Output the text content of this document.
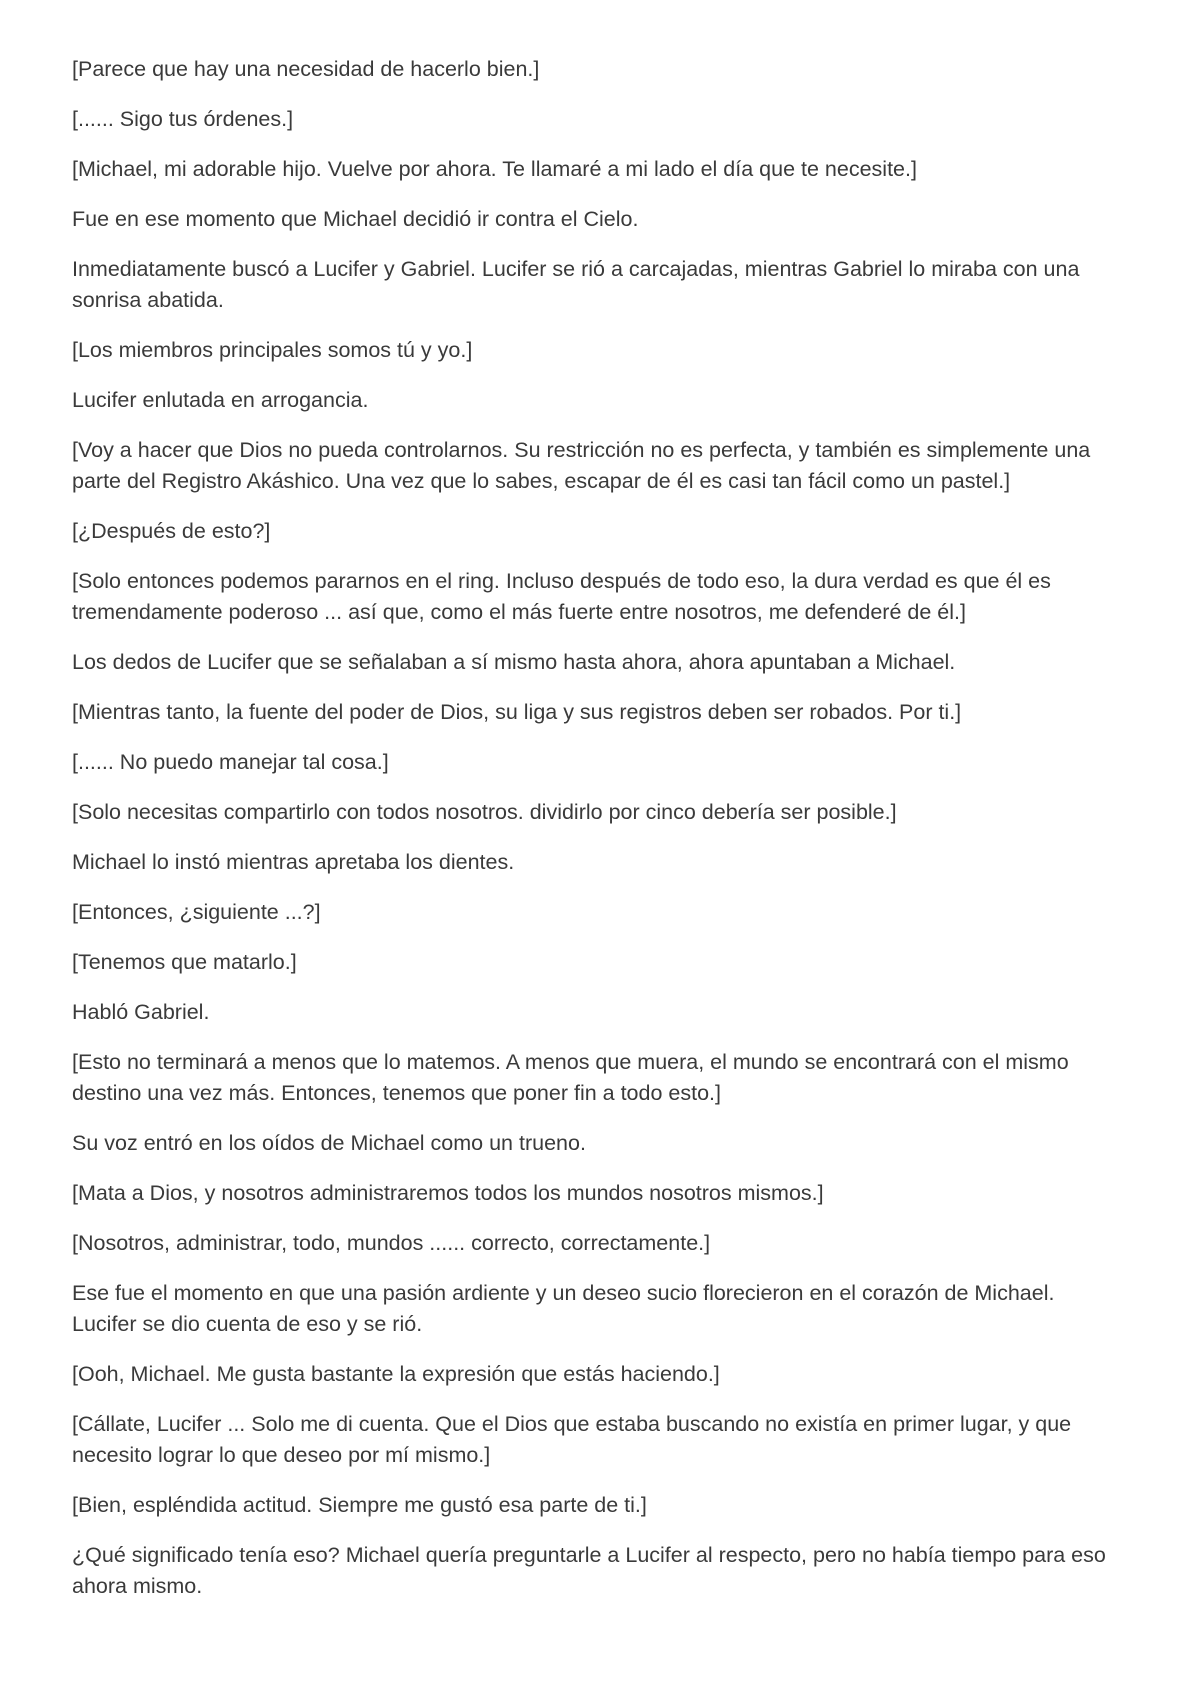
[Parece que hay una necesidad de hacerlo bien.]

[...... Sigo tus órdenes.]

[Michael, mi adorable hijo. Vuelve por ahora. Te llamaré a mi lado el día que te necesite.]

Fue en ese momento que Michael decidió ir contra el Cielo.

Inmediatamente buscó a Lucifer y Gabriel. Lucifer se rió a carcajadas, mientras Gabriel lo miraba con una sonrisa abatida.

[Los miembros principales somos tú y yo.]

Lucifer enlutada en arrogancia.

[Voy a hacer que Dios no pueda controlarnos. Su restricción no es perfecta, y también es simplemente una parte del Registro Akáshico. Una vez que lo sabes, escapar de él es casi tan fácil como un pastel.]

[¿Después de esto?]

[Solo entonces podemos pararnos en el ring. Incluso después de todo eso, la dura verdad es que él es tremendamente poderoso ... así que, como el más fuerte entre nosotros, me defenderé de él.]

Los dedos de Lucifer que se señalaban a sí mismo hasta ahora, ahora apuntaban a Michael.

[Mientras tanto, la fuente del poder de Dios, su liga y sus registros deben ser robados. Por ti.]

[...... No puedo manejar tal cosa.]

[Solo necesitas compartirlo con todos nosotros. dividirlo por cinco debería ser posible.]

Michael lo instó mientras apretaba los dientes.

[Entonces, ¿siguiente ...?]

[Tenemos que matarlo.]

Habló Gabriel.

[Esto no terminará a menos que lo matemos. A menos que muera, el mundo se encontrará con el mismo destino una vez más. Entonces, tenemos que poner fin a todo esto.]

Su voz entró en los oídos de Michael como un trueno.

[Mata a Dios, y nosotros administraremos todos los mundos nosotros mismos.]

[Nosotros, administrar, todo, mundos ...... correcto, correctamente.]

Ese fue el momento en que una pasión ardiente y un deseo sucio florecieron en el corazón de Michael. Lucifer se dio cuenta de eso y se rió.

[Ooh, Michael. Me gusta bastante la expresión que estás haciendo.]

[Cállate, Lucifer ... Solo me di cuenta. Que el Dios que estaba buscando no existía en primer lugar, y que necesito lograr lo que deseo por mí mismo.]

[Bien, espléndida actitud. Siempre me gustó esa parte de ti.]

¿Qué significado tenía eso? Michael quería preguntarle a Lucifer al respecto, pero no había tiempo para eso ahora mismo.
